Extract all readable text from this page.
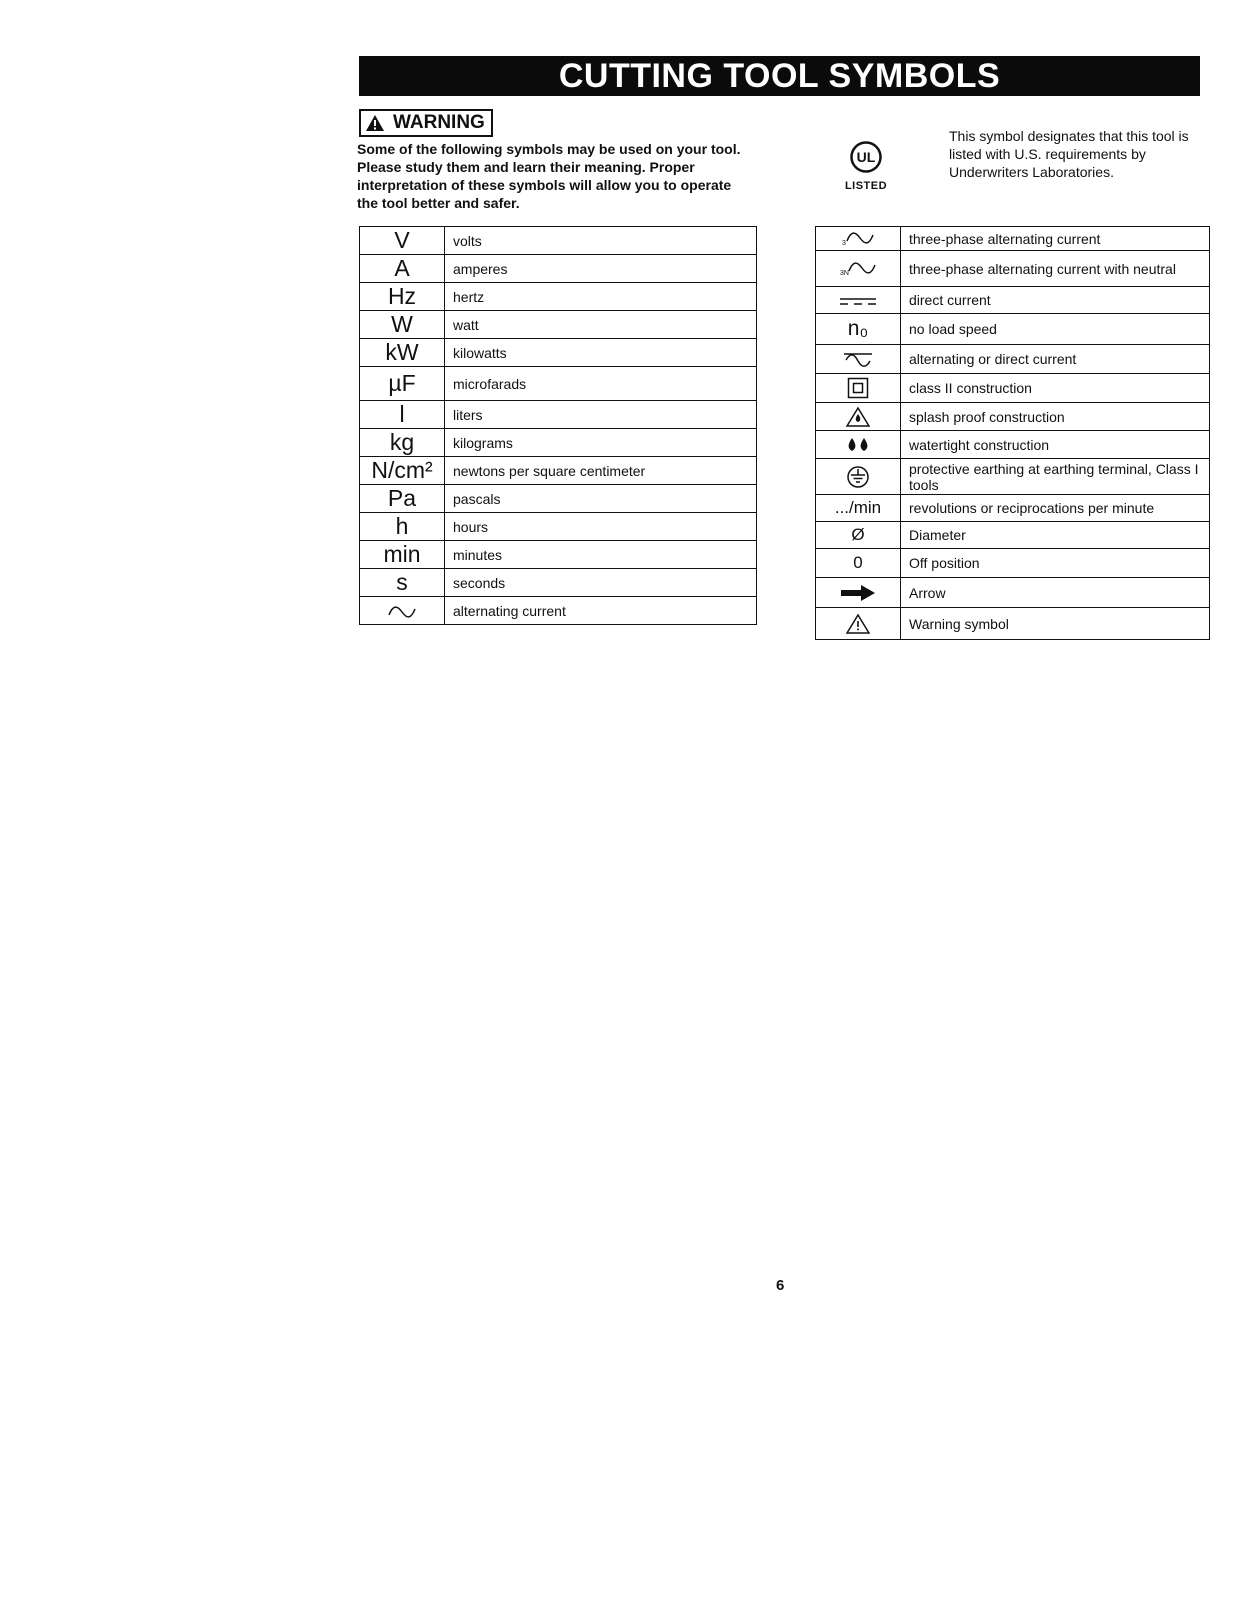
CUTTING TOOL SYMBOLS
WARNING
Some of the following symbols may be used on your tool. Please study them and learn their meaning. Proper interpretation of these symbols will allow you to operate the tool better and safer.
UL
LISTED
This symbol designates that this tool is listed with U.S. requirements by Underwriters Laboratories.
V	volts
A	amperes
Hz	hertz
W	watt
kW	kilowatts
µF	microfarads
l	liters
kg	kilograms
N/cm²	newtons per square centimeter
Pa	pascals
h	hours
min	minutes
s	seconds
	alternating current
3	three-phase alternating current

3N	three-phase alternating current with neutral
	direct current
n₀	no load speed
	alternating or direct current
	class II construction
	splash proof construction
	watertight construction
	protective earthing at earthing terminal, Class I tools
.../min	revolutions or reciprocations per minute
Ø	Diameter
0	Off position
	Arrow
	Warning symbol
6
